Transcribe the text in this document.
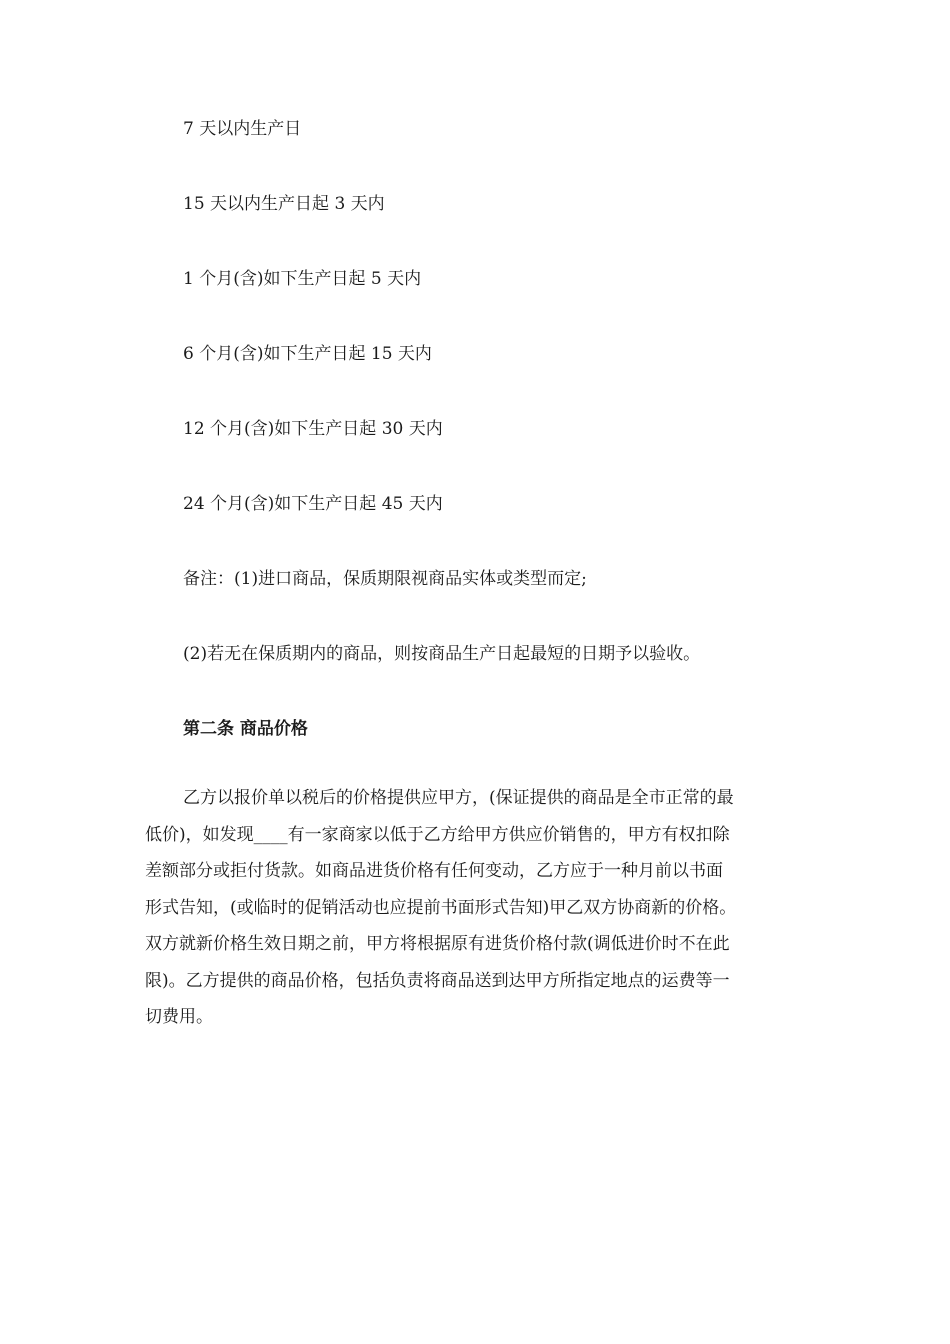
7 天以内生产日
15 天以内生产日起 3 天内
1 个月(含)如下生产日起 5 天内
6 个月(含)如下生产日起 15 天内
12 个月(含)如下生产日起 30 天内
24 个月(含)如下生产日起 45 天内
备注：(1)进口商品，保质期限视商品实体或类型而定;
(2)若无在保质期内的商品，则按商品生产日起最短的日期予以验收。
第二条 商品价格
乙方以报价单以税后的价格提供应甲方，(保证提供的商品是全市正常的最
低价)，如发现____有一家商家以低于乙方给甲方供应价销售的，甲方有权扣除
差额部分或拒付货款。如商品进货价格有任何变动，乙方应于一种月前以书面
形式告知，(或临时的促销活动也应提前书面形式告知)甲乙双方协商新的价格。
双方就新价格生效日期之前，甲方将根据原有进货价格付款(调低进价时不在此
限)。乙方提供的商品价格，包括负责将商品送到达甲方所指定地点的运费等一
切费用。
